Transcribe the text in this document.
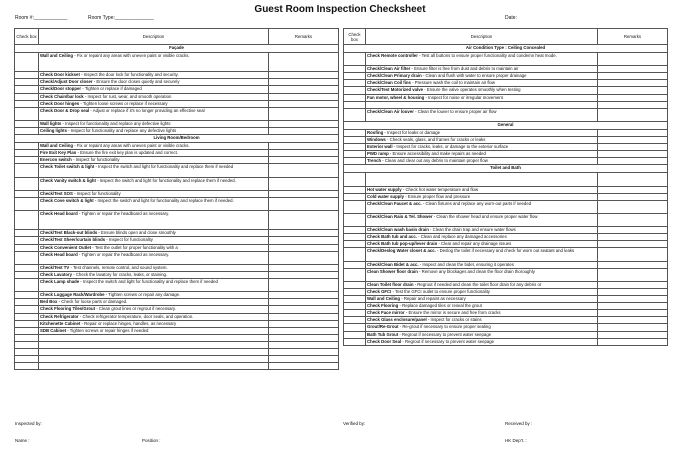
Guest Room Inspection Checksheet
Room #:____________	Room Type:______________	Date:
Check box	Description	Remarks
Façade		
	Wall and Ceiling - Fix or repaint any areas with uneven paint or visible cracks.	
	Check Door kickset - Inspect the door lock for functionality and security.	
	Check/Adjust Door closer - Ensure the door closes quietly and securely	
	Check/Door stopper - Tighten or replace if damaged	
	Check Chain/bar lock - Inspect for rust, wear, and smooth operation	
	Check Door hinges - Tighten loose screws or replace if necessary	
	Check Door & Drop seal - Adjust or replace if it's no longer providing an effective seal	
	Wall lights - Inspect for functionality and replace any defective lights	
	Ceiling lights - Inspect for functionality and replace any defective lights	
Living Room/Bedroom		
	Wall and Ceiling - Fix or repaint any areas with uneven paint or visible cracks.	
	Fire Exit Key Plan - Ensure the fire exit key plan is updated and correct.	
	Enercon switch - Inspect for functionality	
	Check Toilet switch & light - Inspect the switch and light for functionality and replace them if needed	
	Check Vanity switch & light - Inspect the switch and light for functionality and replace them if needed.	
	Check/Test SOS - Inspect for functionality	
	Check Cove switch & light - Inspect the switch and light for functionality and replace them if needed.	
	Check Head board - Tighten or repair the headboard as necessary.	
	Check/Test Black-out blinds - Ensure blinds open and close smoothly	
	Check/Test Sheer/curtain blinds - Inspect for functionality	
	Check Convenient Outlet - Test the outlet for proper functionality with a	
	Check Head board - Tighten or repair the headboard as necessary.	
	Check/Test TV - Test channels, remote control, and sound system.	
	Check Lavatory - Check the lavatory for cracks, leaks, or staining.	
	Check Lamp shade - Inspect the switch and light for functionality and replace them if needed	
	Check Luggage Rack/Wardrobe - Tighten screws or repair any damage.	
	Bed Box - Check for loose parts or damaged.	
	Check Flooring Tiles/Grout - Clean grout lines or regrout if necessary.	
	Check Refrigerator - Check refrigerator temperature, door seals, and operation.	
	Kitchenette Cabinet - Repair or replace hinges, handles, as necessary	
	SDB Cabinet - Tighten screws or repair hinges if needed	

Check box	Description	Remarks
Air Condition Type : Ceiling Concealed		
	Check Remote controller - Test all buttons to ensure proper functionality and condemn heat mode.	
	Check/Clean Air filter - Ensure filter is free from dust and debris to maintain air	
	Check/Clean Primary drain - Clean and flush with water to ensure proper drainage	
	Check/Clean Coil fins - Pressure wash the coil to maintain air flow	
	Check/Test Motorized valve - Ensure the valve operates smoothly when testing	
	Fan motor, wheel & housing - Inspect for noise or irregular movement	

	Check/Clean Air louver - Clean the louver to ensure proper air flow	
General		
	Roofing - Inspect for leaks or damage	
	Windows - Check seals, glass, and frames for cracks or leaks	
	Exterior wall - Inspect for cracks, leaks, or damage to the exterior surface	
	PWD ramp - Ensure accessibility and make repairs as needed	
	Trench - Clean and clear out any debris to maintain proper flow	
Toilet and Bath		

	Hot water supply - Check hot water temperature and flow	
	Cold water supply - Ensure proper flow and pressure	
	Check/Clean Faucet & acc. - Clean fixtures and replace any worn-out parts if needed	
	Check/Clean Rain & Tel. Shower - Clean the shower head and ensure proper water flow	
	Check/Clean wash basin drain - Clean the drain trap and ensure water flows	
	Check Bath tub and acc. - Clean and replace any damaged accessories	
	Check Bath tub pop-up/lever drain - Clear and repair any drainage issues	
	Check/Deslog Water closet & acc. - Deslog the toilet if necessary and check for worn out seatant and leaks	
	Check/Clean Bidet & acc. - Inspect and clean the bidet, ensuring it operates	
	Clean Shower floor drain - Remove any blockages and clean the floor drain thoroughly	
	Clean Toilet floor drain - Regrout if needed and clean the toilet floor drain for any debris or	
	Check GFCI - Test the GFCI outlet to ensure proper functionality	
	Wall and Ceiling - Repair and repaint as necessary	
	Check Flooring - Replace damaged tiles or reseal the grout	
	Check Face mirror - Ensure the mirror is secure and free from cracks	
	Check Glass enclosure/panel - Inspect for cracks or stains	
	Grout/Re-Grout - Re-grout if necessary to ensure proper sealing	
	Bath Tub Grout - Regrout if necessary to prevent water seepage	
	Check Door Seal - Regrout if necessary to prevent water seepage	
Inspected by:	Verified by:	Received by :
Name :	Position :	HK Dep't. :
